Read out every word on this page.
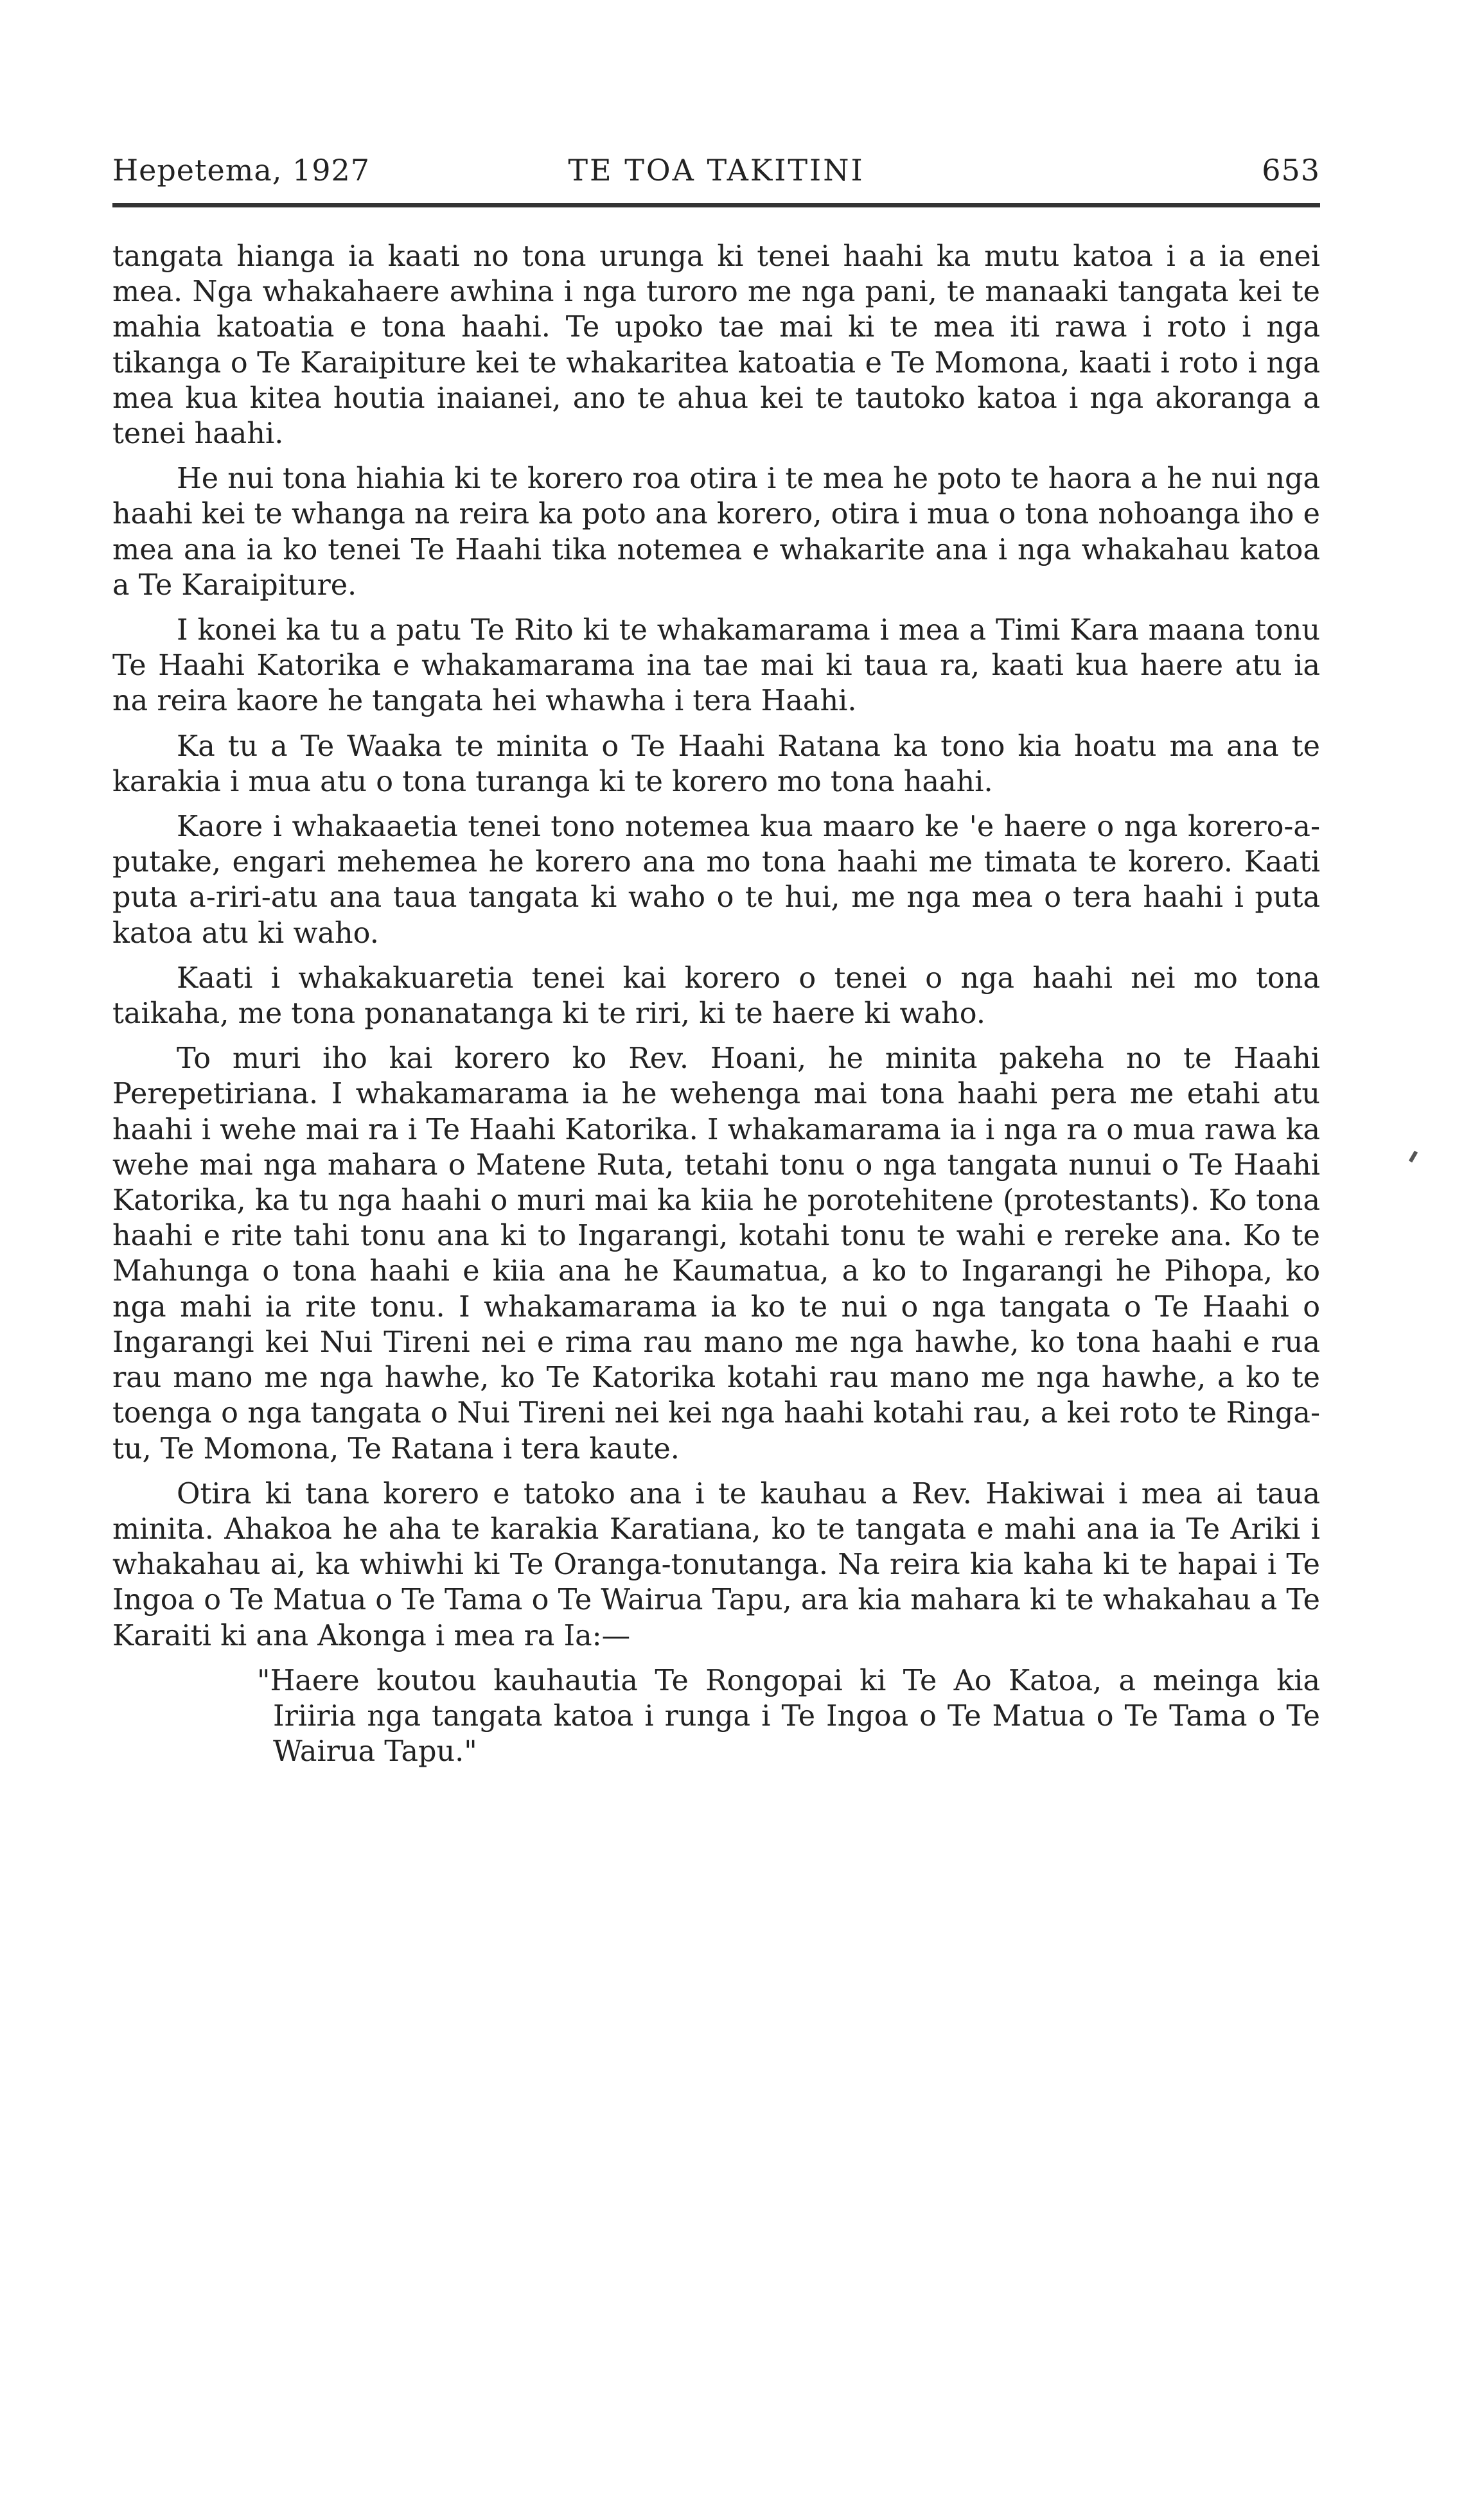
Hepetema, 1927	TE TOA TAKITINI	653

tangata hianga ia kaati no tona urunga ki tenei haahi ka mutu katoa i a ia enei mea. Nga whakahaere awhina i nga turoro me nga pani, te manaaki tangata kei te mahia katoatia e tona haahi. Te upoko tae mai ki te mea iti rawa i roto i nga tikanga o Te Karaipiture kei te whakaritea katoatia e Te Momona, kaati i roto i nga mea kua kitea houtia inaianei, ano te ahua kei te tautoko katoa i nga akoranga a tenei haahi.

He nui tona hiahia ki te korero roa otira i te mea he poto te haora a he nui nga haahi kei te whanga na reira ka poto ana korero, otira i mua o tona nohoanga iho e mea ana ia ko tenei Te Haahi tika notemea e whakarite ana i nga whakahau katoa a Te Karaipiture.

I konei ka tu a patu Te Rito ki te whakamarama i mea a Timi Kara maana tonu Te Haahi Katorika e whakamarama ina tae mai ki taua ra, kaati kua haere atu ia na reira kaore he tangata hei whawha i tera Haahi.

Ka tu a Te Waaka te minita o Te Haahi Ratana ka tono kia hoatu ma ana te karakia i mua atu o tona turanga ki te korero mo tona haahi.

Kaore i whakaaetia tenei tono notemea kua maaro ke 'e haere o nga korero-a-putake, engari mehemea he korero ana mo tona haahi me timata te korero. Kaati puta a-riri-atu ana taua tangata ki waho o te hui, me nga mea o tera haahi i puta katoa atu ki waho.

Kaati i whakakuaretia tenei kai korero o tenei o nga haahi nei mo tona taikaha, me tona ponanatanga ki te riri, ki te haere ki waho.

To muri iho kai korero ko Rev. Hoani, he minita pakeha no te Haahi Perepetiriana. I whakamarama ia he wehenga mai tona haahi pera me etahi atu haahi i wehe mai ra i Te Haahi Katorika. I whakamarama ia i nga ra o mua rawa ka wehe mai nga mahara o Matene Ruta, tetahi tonu o nga tangata nunui o Te Haahi Katorika, ka tu nga haahi o muri mai ka kiia he porotehitene (protestants). Ko tona haahi e rite tahi tonu ana ki to Ingarangi, kotahi tonu te wahi e rereke ana. Ko te Mahunga o tona haahi e kiia ana he Kaumatua, a ko to Ingarangi he Pihopa, ko nga mahi ia rite tonu. I whakamarama ia ko te nui o nga tangata o Te Haahi o Ingarangi kei Nui Tireni nei e rima rau mano me nga hawhe, ko tona haahi e rua rau mano me nga hawhe, ko Te Katorika kotahi rau mano me nga hawhe, a ko te toenga o nga tangata o Nui Tireni nei kei nga haahi kotahi rau, a kei roto te Ringa-tu, Te Momona, Te Ratana i tera kaute.

Otira ki tana korero e tatoko ana i te kauhau a Rev. Hakiwai i mea ai taua minita. Ahakoa he aha te karakia Karatiana, ko te tangata e mahi ana ia Te Ariki i whakahau ai, ka whiwhi ki Te Oranga-tonutanga. Na reira kia kaha ki te hapai i Te Ingoa o Te Matua o Te Tama o Te Wairua Tapu, ara kia mahara ki te whakahau a Te Karaiti ki ana Akonga i mea ra Ia:—

"Haere koutou kauhautia Te Rongopai ki Te Ao Katoa, a meinga kia Iriiria nga tangata katoa i runga i Te Ingoa o Te Matua o Te Tama o Te Wairua Tapu."
